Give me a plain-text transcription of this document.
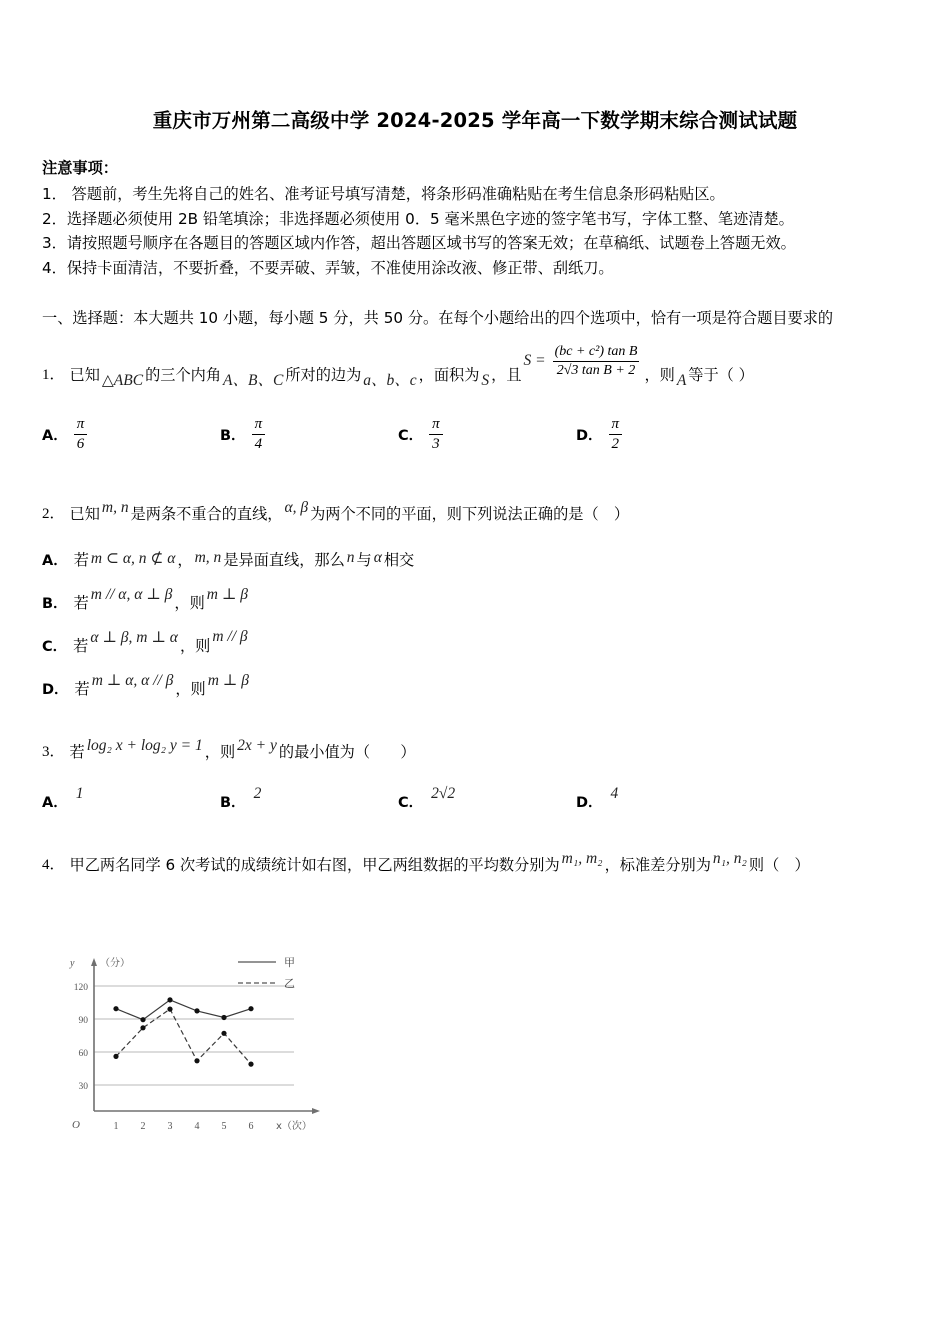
重庆市万州第二高级中学 2024-2025 学年高一下数学期末综合测试试题
注意事项：
1． 答题前，考生先将自己的姓名、准考证号填写清楚，将条形码准确粘贴在考生信息条形码粘贴区。
2．选择题必须使用 2B 铅笔填涂；非选择题必须使用 0．5 毫米黑色字迹的签字笔书写，字体工整、笔迹清楚。
3．请按照题号顺序在各题目的答题区域内作答，超出答题区域书写的答案无效；在草稿纸、试题卷上答题无效。
4．保持卡面清洁，不要折叠，不要弄破、弄皱，不准使用涂改液、修正带、刮纸刀。
一、选择题：本大题共 10 小题，每小题 5 分，共 50 分。在每个小题给出的四个选项中，恰有一项是符合题目要求的
1． 已知 △ABC 的三个内角 A、B、C 所对的边为 a、b、c ，面积为 S ，且
$S = \frac{\text{(bc + c²) tan B}}{\text{2√3 tan B + 2}}$ ，则 A 等于（ ）
A． $\frac{\pi}{6}$	B． $\frac{\pi}{4}$	C． $\frac{\pi}{3}$	D． $\frac{\pi}{2}$
2． 已知 m, n 是两条不重合的直线， α, β 为两个不同的平面，则下列说法正确的是（　）
A． 若 m ⊂ α, n ⊄ α ， m, n 是异面直线，那么 n 与 α 相交
B． 若 m // α, α ⊥ β ，则 m ⊥ β
C． 若 α ⊥ β, m ⊥ α ，则
m // β
D． 若 m ⊥ α, α // β ，则 m ⊥ β
3． 若 log₂ x + log₂ y = 1 ，则 2x + y 的最小值为（　　）
A．
1
B．
2
C．
2√2
D．
4
4． 甲乙两名同学 6 次考试的成绩统计如右图，甲乙两组数据的平均数分别为 m₁, m₂ ，标准差分别为 n₁, n₂ 则（　）
120
90
60
30
y	（分）
O	x（次）
1 2 3 4 5 6
甲
乙
